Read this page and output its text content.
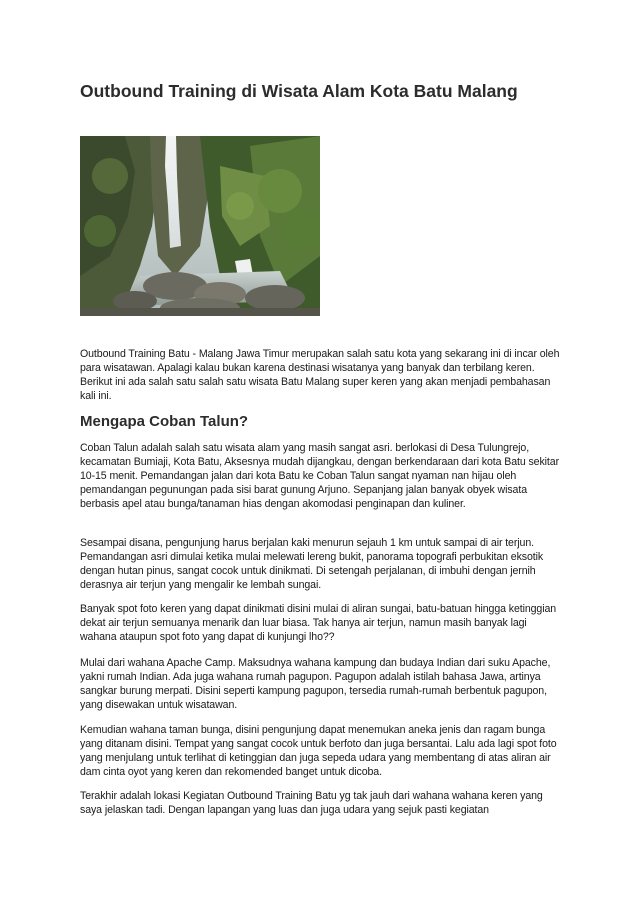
Outbound Training di Wisata Alam Kota Batu Malang

Outbound Training Batu - Malang Jawa Timur merupakan salah satu kota yang sekarang ini di incar oleh para wisatawan. Apalagi kalau bukan karena destinasi wisatanya yang banyak dan terbilang keren. Berikut ini ada salah satu salah satu wisata Batu Malang super keren yang akan menjadi pembahasan kali ini.

Mengapa Coban Talun?

Coban Talun adalah salah satu wisata alam yang masih sangat asri. berlokasi di Desa Tulungrejo, kecamatan Bumiaji, Kota Batu, Aksesnya mudah dijangkau, dengan berkendaraan dari kota Batu sekitar 10-15 menit. Pemandangan jalan dari kota Batu ke Coban Talun sangat nyaman nan hijau oleh pemandangan pegunungan pada sisi barat gunung Arjuno. Sepanjang jalan banyak obyek wisata berbasis apel atau bunga/tanaman hias dengan akomodasi penginapan dan kuliner.

Sesampai disana, pengunjung harus berjalan kaki menurun sejauh 1 km untuk sampai di air terjun. Pemandangan asri dimulai ketika mulai melewati lereng bukit, panorama topografi perbukitan eksotik dengan hutan pinus, sangat cocok untuk dinikmati. Di setengah perjalanan, di imbuhi dengan jernih derasnya air terjun yang mengalir ke lembah sungai.

Banyak spot foto keren yang dapat dinikmati disini mulai di aliran sungai, batu-batuan hingga ketinggian dekat air terjun semuanya menarik dan luar biasa. Tak hanya air terjun, namun masih banyak lagi wahana ataupun spot foto yang dapat di kunjungi lho??

Mulai dari wahana Apache Camp. Maksudnya wahana kampung dan budaya Indian dari suku Apache, yakni rumah Indian. Ada juga wahana rumah pagupon. Pagupon adalah istilah bahasa Jawa, artinya sangkar burung merpati. Disini seperti kampung pagupon, tersedia rumah-rumah berbentuk pagupon, yang disewakan untuk wisatawan.

Kemudian wahana taman bunga, disini pengunjung dapat menemukan aneka jenis dan ragam bunga yang ditanam disini. Tempat yang sangat cocok untuk berfoto dan juga bersantai. Lalu ada lagi spot foto yang menjulang untuk terlihat di ketinggian dan juga sepeda udara yang membentang di atas aliran air dam cinta oyot yang keren dan rekomended banget untuk dicoba.

Terakhir adalah lokasi Kegiatan Outbound Training Batu yg tak jauh dari wahana wahana keren yang saya jelaskan tadi. Dengan lapangan yang luas dan juga udara yang sejuk pasti kegiatan
